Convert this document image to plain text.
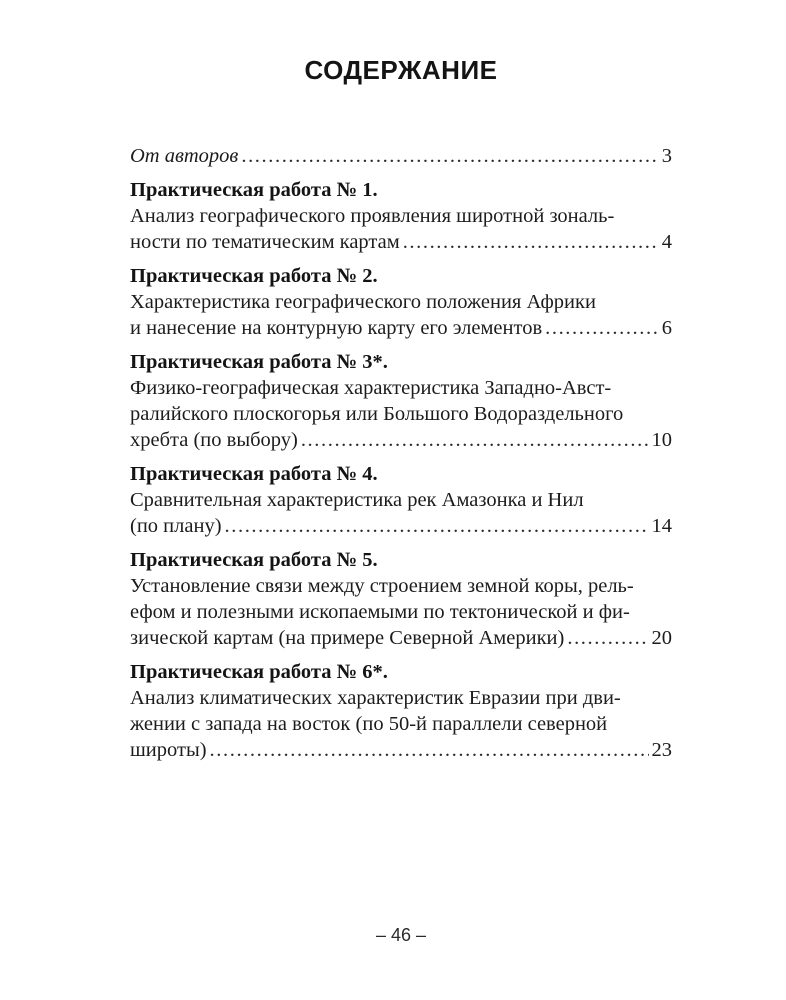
СОДЕРЖАНИЕ
От авторов .....	3
Практическая работа № 1.
Анализ географического проявления широтной зональ-
ности по тематическим картам .....	4
Практическая работа № 2.
Характеристика географического положения Африки
и нанесение на контурную карту его элементов .....	6
Практическая работа № 3*.
Физико-географическая характеристика Западно-Авст-
ралийского плоскогорья или Большого Водораздельного
хребта (по выбору) .....	10
Практическая работа № 4.
Сравнительная характеристика рек Амазонка и Нил
(по плану) .....	14
Практическая работа № 5.
Установление связи между строением земной коры, рель-
ефом и полезными ископаемыми по тектонической и фи-
зической картам (на примере Северной Америки) .....	20
Практическая работа № 6*.
Анализ климатических характеристик Евразии при дви-
жении с запада на восток (по 50-й параллели северной
широты) .....	23
– 46 –
